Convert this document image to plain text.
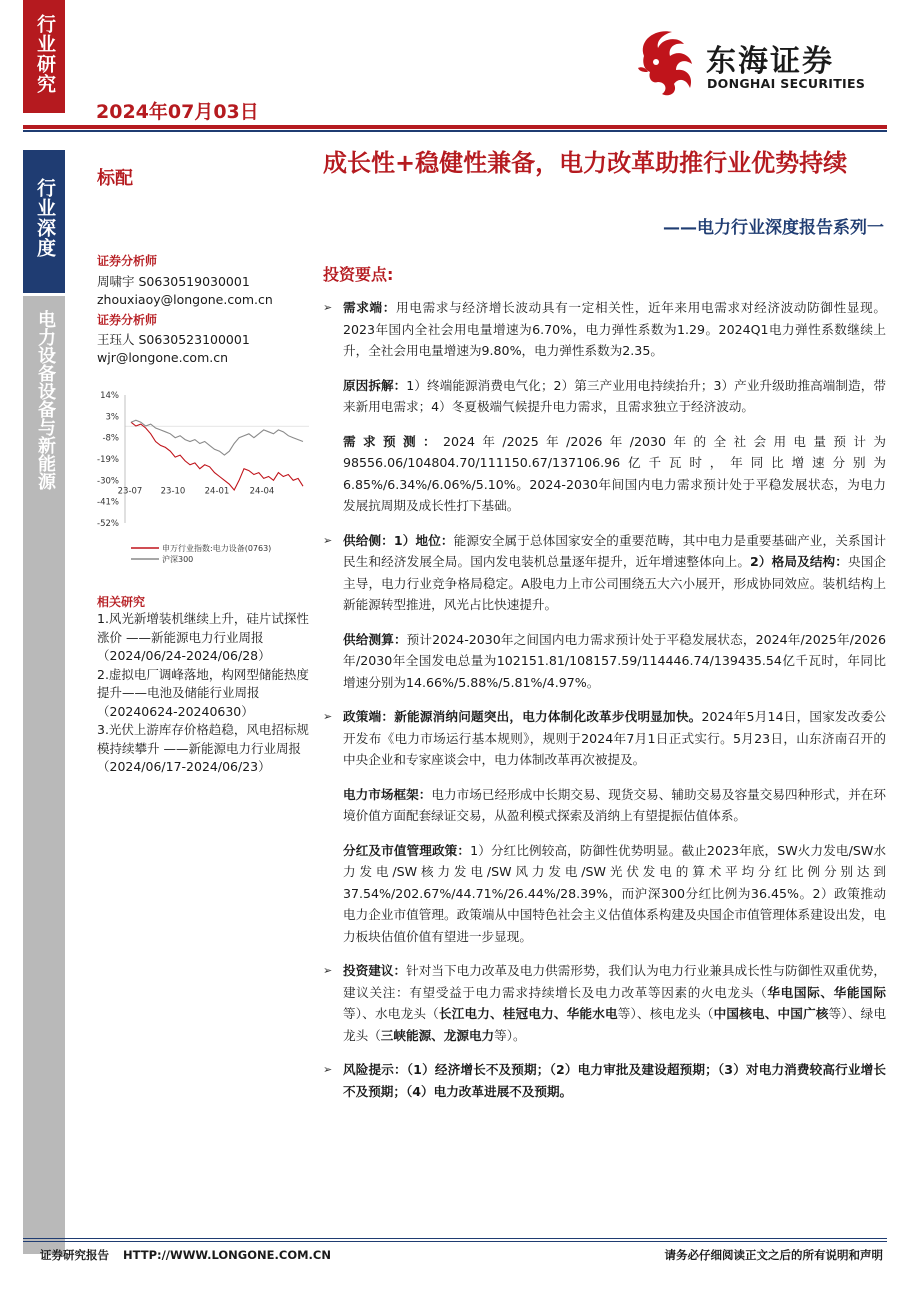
行业研究
行业深度
电力设备设备与新能源
2024年07月03日
东海证券
DONGHAI SECURITIES
标配
成长性+稳健性兼备，电力改革助推行业优势持续
——电力行业深度报告系列一
证券分析师
周啸宇 S0630519030001
zhouxiaoy@longone.com.cn
证券分析师
王珏人 S0630523100001
wjr@longone.com.cn
14%
3%
-8%
-19%
-30%
-41%
-52%
23-07 23-10 24-01 24-04
申万行业指数:电力设备(0763)
沪深300
相关研究

1.风光新增装机继续上升，硅片试探性涨价 ——新能源电力行业周报（2024/06/24-2024/06/28）

2.虚拟电厂调峰落地，构网型储能热度提升——电池及储能行业周报（20240624-20240630）

3.光伏上游库存价格趋稳，风电招标规模持续攀升 ——新能源电力行业周报（2024/06/17-2024/06/23）

投资要点:
➢ 需求端：用电需求与经济增长波动具有一定相关性，近年来用电需求对经济波动防御性显现。2023年国内全社会用电量增速为6.70%，电力弹性系数为1.29。2024Q1电力弹性系数继续上升，全社会用电量增速为9.80%，电力弹性系数为2.35。
原因拆解：1）终端能源消费电气化；2）第三产业用电持续抬升；3）产业升级助推高端制造，带来新用电需求；4）冬夏极端气候提升电力需求，且需求独立于经济波动。
需求预测：2024年/2025年/2026年/2030年的全社会用电量预计为98556.06/104804.70/111150.67/137106.96亿千瓦时，年同比增速分别为6.85%/6.34%/6.06%/5.10%。2024-2030年间国内电力需求预计处于平稳发展状态，为电力发展抗周期及成长性打下基础。
➢ 供给侧：1）地位：能源安全属于总体国家安全的重要范畴，其中电力是重要基础产业，关系国计民生和经济发展全局。国内发电装机总量逐年提升，近年增速整体向上。2）格局及结构：央国企主导，电力行业竞争格局稳定。A股电力上市公司围绕五大六小展开，形成协同效应。装机结构上新能源转型推进，风光占比快速提升。
供给测算：预计2024-2030年之间国内电力需求预计处于平稳发展状态，2024年/2025年/2026年/2030年全国发电总量为102151.81/108157.59/114446.74/139435.54亿千瓦时，年同比增速分别为14.66%/5.88%/5.81%/4.97%。
➢ 政策端：新能源消纳问题突出，电力体制化改革步伐明显加快。2024年5月14日，国家发改委公开发布《电力市场运行基本规则》，规则于2024年7月1日正式实行。5月23日，山东济南召开的中央企业和专家座谈会中，电力体制改革再次被提及。
电力市场框架：电力市场已经形成中长期交易、现货交易、辅助交易及容量交易四种形式，并在环境价值方面配套绿证交易，从盈利模式探索及消纳上有望提振估值体系。
分红及市值管理政策：1）分红比例较高，防御性优势明显。截止2023年底，SW火力发电/SW水力发电/SW核力发电/SW风力发电/SW光伏发电的算术平均分红比例分别达到37.54%/202.67%/44.71%/26.44%/28.39%，而沪深300分红比例为36.45%。2）政策推动电力企业市值管理。政策端从中国特色社会主义估值体系构建及央国企市值管理体系建设出发，电力板块估值价值有望进一步显现。
➢ 投资建议：针对当下电力改革及电力供需形势，我们认为电力行业兼具成长性与防御性双重优势，建议关注：有望受益于电力需求持续增长及电力改革等因素的火电龙头（华电国际、华能国际等）、水电龙头（长江电力、桂冠电力、华能水电等）、核电龙头（中国核电、中国广核等）、绿电龙头（三峡能源、龙源电力等）。
➢ 风险提示：（1）经济增长不及预期；（2）电力审批及建设超预期；（3）对电力消费较高行业增长不及预期；（4）电力改革进展不及预期。
证券研究报告 HTTP://WWW.LONGONE.COM.CN	请务必仔细阅读正文之后的所有说明和声明
